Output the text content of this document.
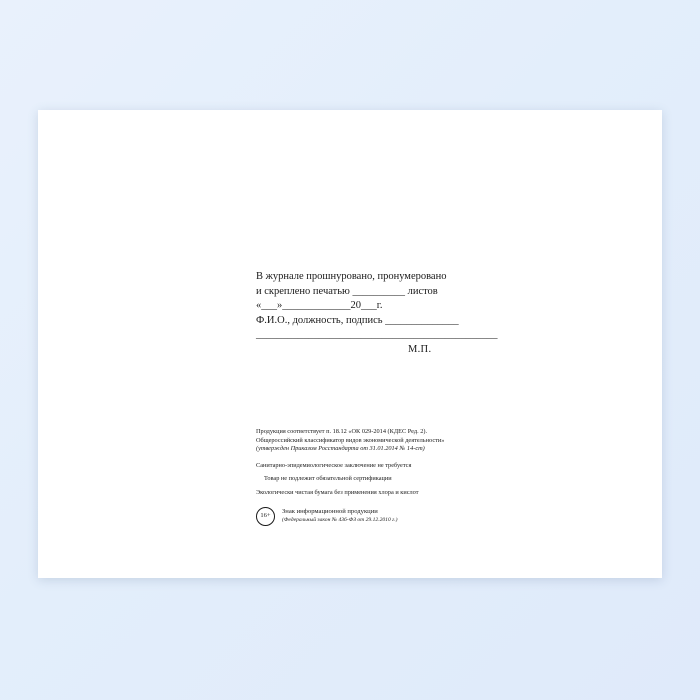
В журнале прошнуровано, пронумеровано
и скреплено печатью __________ листов
«___»_____________20___г.
Ф.И.О., должность, подпись ______________
______________________________________________
М.П.
Продукция соответствует п. 18.12 «ОК 029-2014 (КДЕС Ред. 2).
Общероссийский классификатор видов экономической деятельности»
(утвержден Приказом Росстандарта от 31.01.2014 № 14-ст)
Санитарно-эпидемиологическое заключение не требуется
Товар не подлежит обязательной сертификации
Экологически чистая бумага без применения хлора и кислот
16+
Знак информационной продукции
(Федеральный закон № 436-ФЗ от 29.12.2010 г.)
